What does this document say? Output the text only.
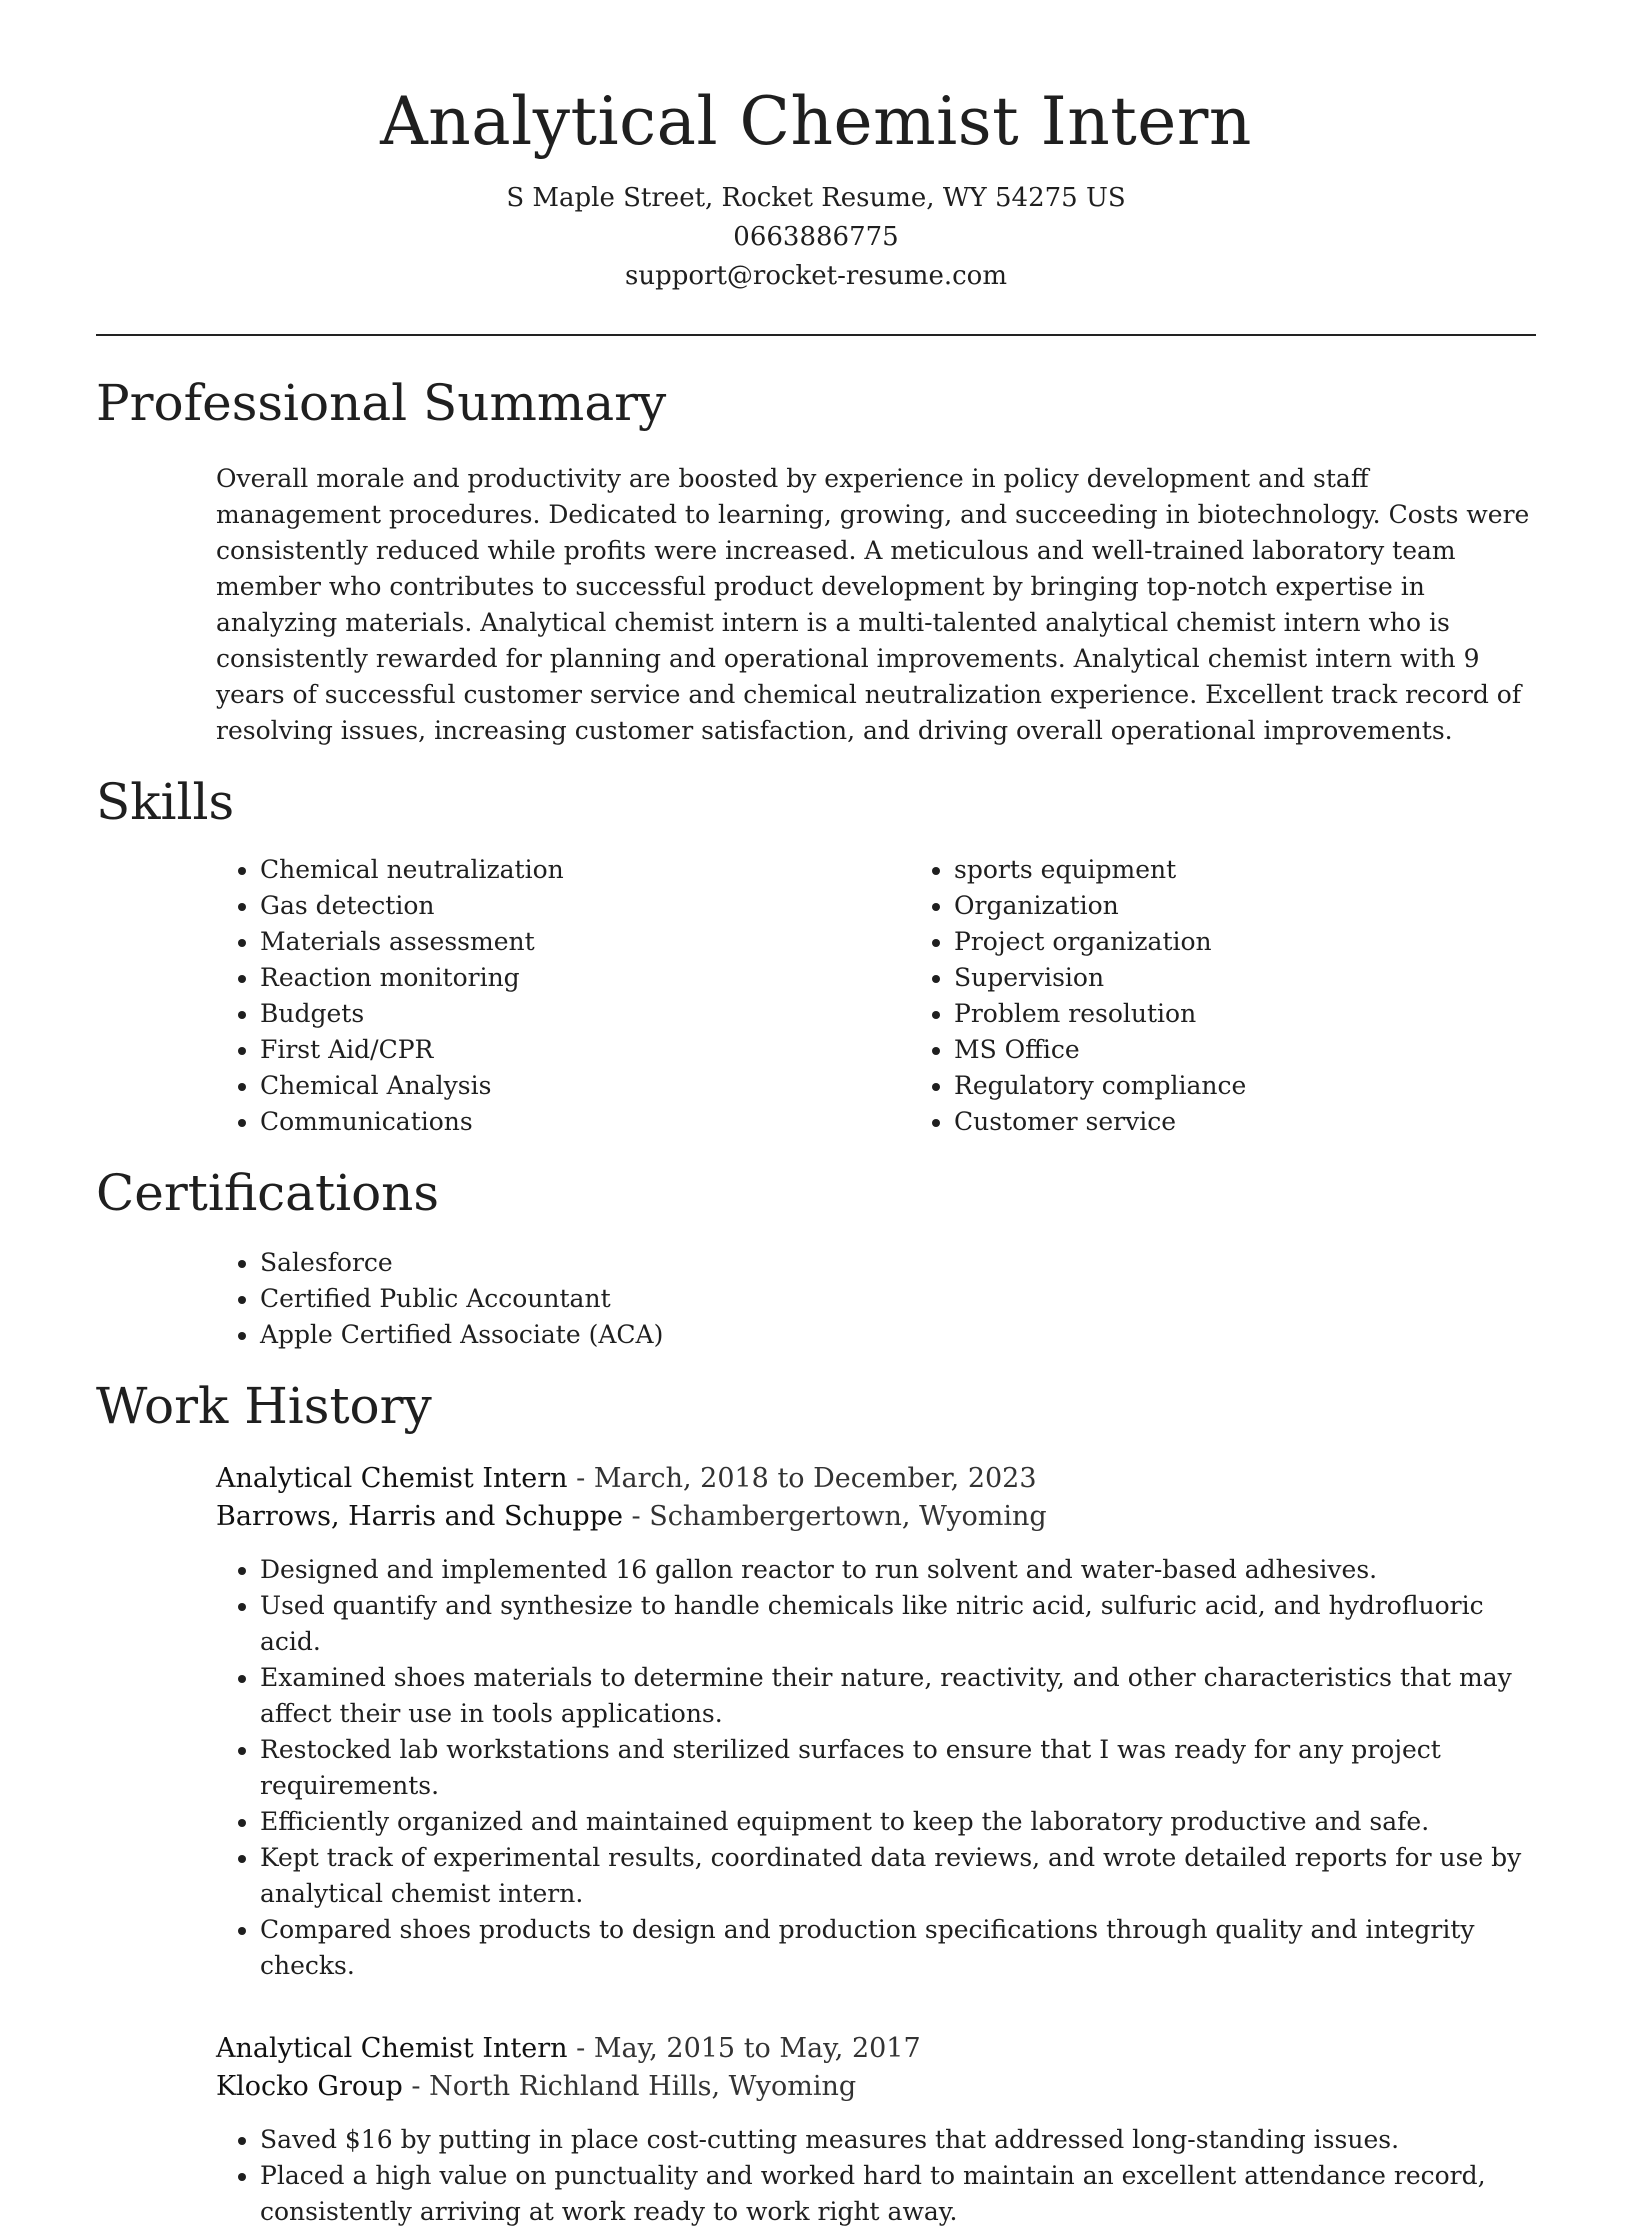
Analytical Chemist Intern
S Maple Street, Rocket Resume, WY 54275 US
0663886775
support@rocket-resume.com
Professional Summary

Overall morale and productivity are boosted by experience in policy development and staff management procedures. Dedicated to learning, growing, and succeeding in biotechnology. Costs were consistently reduced while profits were increased. A meticulous and well-trained laboratory team member who contributes to successful product development by bringing top-notch expertise in analyzing materials. Analytical chemist intern is a multi-talented analytical chemist intern who is consistently rewarded for planning and operational improvements. Analytical chemist intern with 9 years of successful customer service and chemical neutralization experience. Excellent track record of resolving issues, increasing customer satisfaction, and driving overall operational improvements.

Skills
• Chemical neutralization
• Gas detection
• Materials assessment
• Reaction monitoring
• Budgets
• First Aid/CPR
• Chemical Analysis
• Communications
• sports equipment
• Organization
• Project organization
• Supervision
• Problem resolution
• MS Office
• Regulatory compliance
• Customer service
Certifications
• Salesforce
• Certified Public Accountant
• Apple Certified Associate (ACA)
Work History
Analytical Chemist Intern - March, 2018 to December, 2023
Barrows, Harris and Schuppe - Schambergertown, Wyoming
• Designed and implemented 16 gallon reactor to run solvent and water-based adhesives.
• Used quantify and synthesize to handle chemicals like nitric acid, sulfuric acid, and hydrofluoric acid.
• Examined shoes materials to determine their nature, reactivity, and other characteristics that may affect their use in tools applications.
• Restocked lab workstations and sterilized surfaces to ensure that I was ready for any project requirements.
• Efficiently organized and maintained equipment to keep the laboratory productive and safe.
• Kept track of experimental results, coordinated data reviews, and wrote detailed reports for use by analytical chemist intern.
• Compared shoes products to design and production specifications through quality and integrity checks.
Analytical Chemist Intern - May, 2015 to May, 2017
Klocko Group - North Richland Hills, Wyoming
• Saved $16 by putting in place cost-cutting measures that addressed long-standing issues.
• Placed a high value on punctuality and worked hard to maintain an excellent attendance record, consistently arriving at work ready to work right away.
